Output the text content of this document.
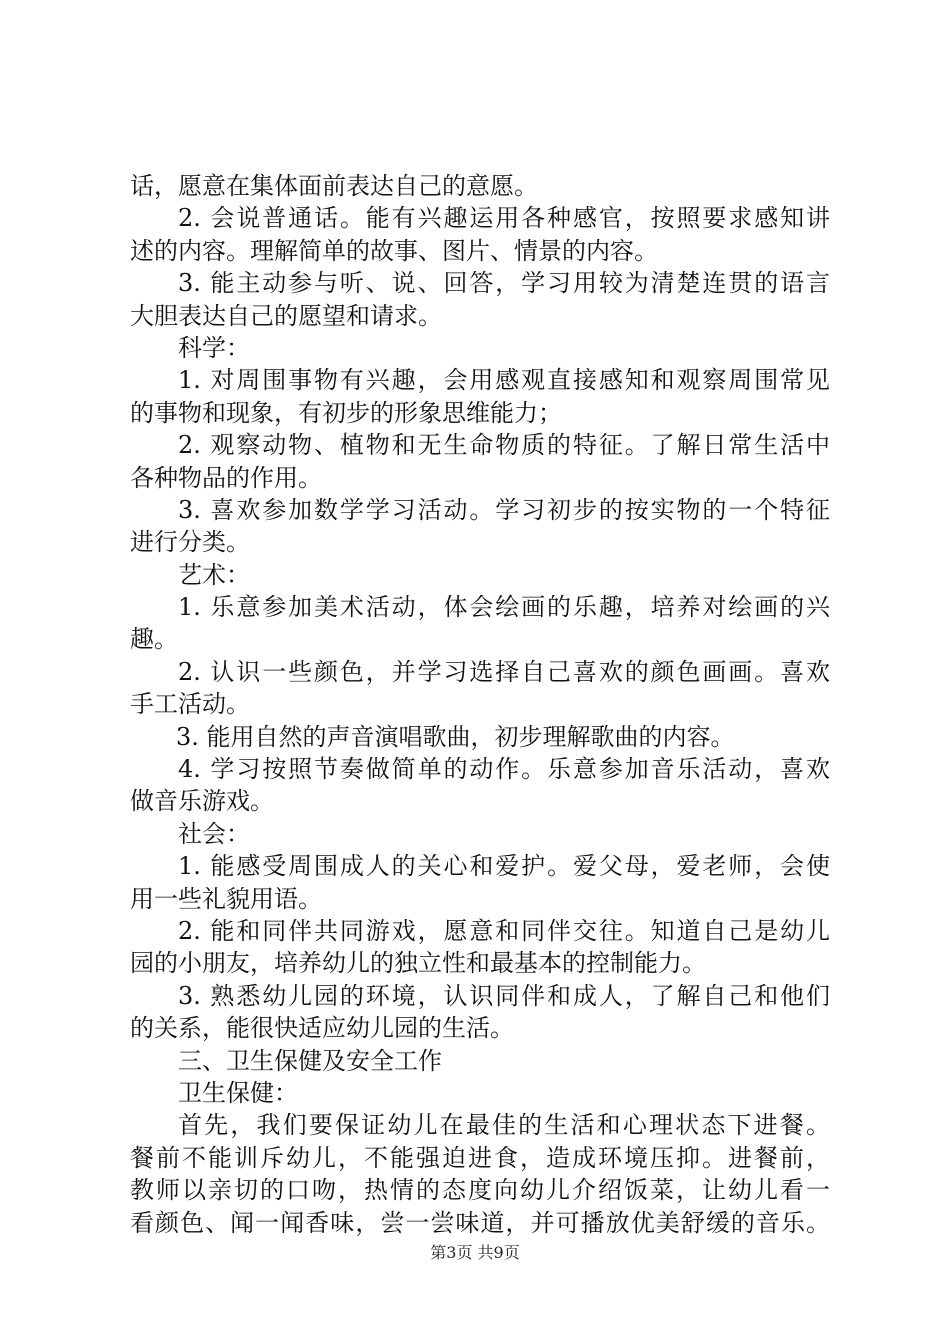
话，愿意在集体面前表达自己的意愿。
2. 会说普通话。能有兴趣运用各种感官，按照要求感知讲
述的内容。理解简单的故事、图片、情景的内容。
3. 能主动参与听、说、回答，学习用较为清楚连贯的语言
大胆表达自己的愿望和请求。
科学：
1. 对周围事物有兴趣，会用感观直接感知和观察周围常见
的事物和现象，有初步的形象思维能力；
2. 观察动物、植物和无生命物质的特征。了解日常生活中
各种物品的作用。
3. 喜欢参加数学学习活动。学习初步的按实物的一个特征
进行分类。
艺术：
1. 乐意参加美术活动，体会绘画的乐趣，培养对绘画的兴
趣。
2. 认识一些颜色，并学习选择自己喜欢的颜色画画。喜欢
手工活动。
3. 能用自然的声音演唱歌曲，初步理解歌曲的内容。
4. 学习按照节奏做简单的动作。乐意参加音乐活动，喜欢
做音乐游戏。
社会：
1. 能感受周围成人的关心和爱护。爱父母，爱老师，会使
用一些礼貌用语。
2. 能和同伴共同游戏，愿意和同伴交往。知道自己是幼儿
园的小朋友，培养幼儿的独立性和最基本的控制能力。
3. 熟悉幼儿园的环境，认识同伴和成人，了解自己和他们
的关系，能很快适应幼儿园的生活。
三、卫生保健及安全工作
卫生保健：
首先，我们要保证幼儿在最佳的生活和心理状态下进餐。
餐前不能训斥幼儿，不能强迫进食，造成环境压抑。进餐前，
教师以亲切的口吻，热情的态度向幼儿介绍饭菜，让幼儿看一
看颜色、闻一闻香味，尝一尝味道，并可播放优美舒缓的音乐。
第3页 共9页
